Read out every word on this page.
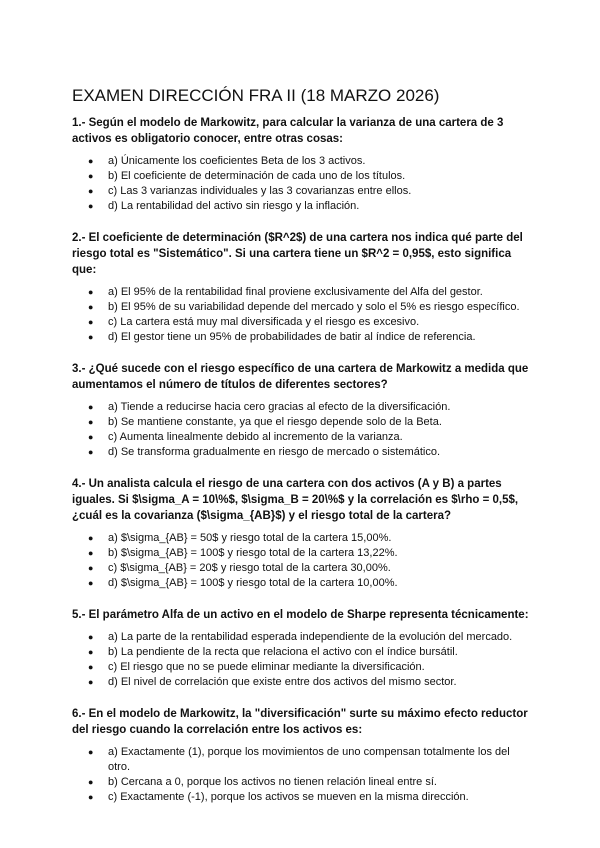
EXAMEN DIRECCIÓN FRA II (18 MARZO 2026)

1.- Según el modelo de Markowitz, para calcular la varianza de una cartera de 3 activos es obligatorio conocer, entre otras cosas:

● a) Únicamente los coeficientes Beta de los 3 activos.
● b) El coeficiente de determinación de cada uno de los títulos.
● c) Las 3 varianzas individuales y las 3 covarianzas entre ellos.
● d) La rentabilidad del activo sin riesgo y la inflación.

2.- El coeficiente de determinación ($R^2$) de una cartera nos indica qué parte del riesgo total es "Sistemático". Si una cartera tiene un $R^2 = 0,95$, esto significa que:

● a) El 95% de la rentabilidad final proviene exclusivamente del Alfa del gestor.
● b) El 95% de su variabilidad depende del mercado y solo el 5% es riesgo específico.
● c) La cartera está muy mal diversificada y el riesgo es excesivo.
● d) El gestor tiene un 95% de probabilidades de batir al índice de referencia.

3.- ¿Qué sucede con el riesgo específico de una cartera de Markowitz a medida que aumentamos el número de títulos de diferentes sectores?

● a) Tiende a reducirse hacia cero gracias al efecto de la diversificación.
● b) Se mantiene constante, ya que el riesgo depende solo de la Beta.
● c) Aumenta linealmente debido al incremento de la varianza.
● d) Se transforma gradualmente en riesgo de mercado o sistemático.

4.- Un analista calcula el riesgo de una cartera con dos activos (A y B) a partes iguales. Si $\sigma_A = 10\%$, $\sigma_B = 20\%$ y la correlación es $\rho = 0,5$, ¿cuál es la covarianza ($\sigma_{AB}$) y el riesgo total de la cartera?

● a) $\sigma_{AB} = 50$ y riesgo total de la cartera 15,00%.
● b) $\sigma_{AB} = 100$ y riesgo total de la cartera 13,22%.
● c) $\sigma_{AB} = 20$ y riesgo total de la cartera 30,00%.
● d) $\sigma_{AB} = 100$ y riesgo total de la cartera 10,00%.

5.- El parámetro Alfa de un activo en el modelo de Sharpe representa técnicamente:

● a) La parte de la rentabilidad esperada independiente de la evolución del mercado.
● b) La pendiente de la recta que relaciona el activo con el índice bursátil.
● c) El riesgo que no se puede eliminar mediante la diversificación.
● d) El nivel de correlación que existe entre dos activos del mismo sector.

6.- En el modelo de Markowitz, la "diversificación" surte su máximo efecto reductor del riesgo cuando la correlación entre los activos es:

● a) Exactamente (1), porque los movimientos de uno compensan totalmente los del otro.
● b) Cercana a 0, porque los activos no tienen relación lineal entre sí.
● c) Exactamente (-1), porque los activos se mueven en la misma dirección.
